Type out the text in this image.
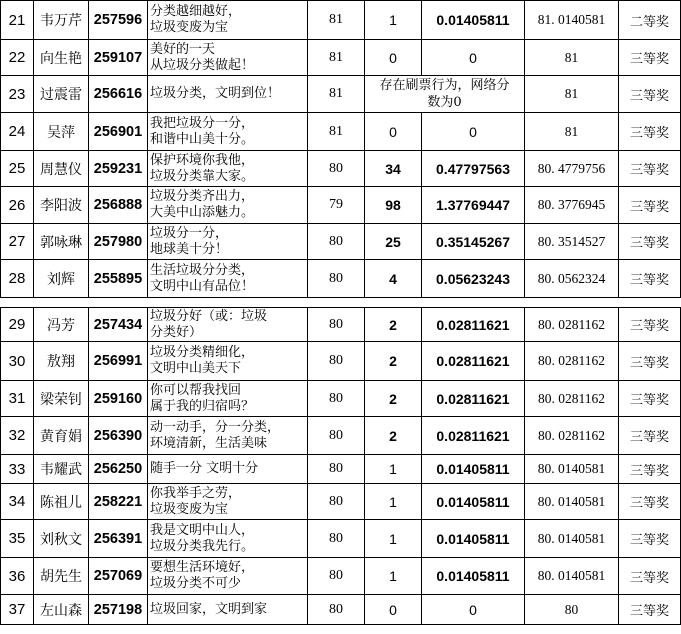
21	韦万芹	257596	分类越细越好，
垃圾变废为宝	81	1	0.01405811	81. 0140581	二等奖
22	向生艳	259107	美好的一天
从垃圾分类做起！	81	0	0	81	三等奖
23	过震雷	256616	垃圾分类，文明到位！	81	存在刷票行为，网络分
数为0		81	三等奖
24	吴萍	256901	我把垃圾分一分，
和谐中山美十分。	81	0	0	81	三等奖
25	周慧仪	259231	保护环境你我他，
垃圾分类靠大家。	80	34	0.47797563	80. 4779756	三等奖
26	李阳波	256888	垃圾分类齐出力，
大美中山添魅力。	79	98	1.37769447	80. 3776945	三等奖
27	郭咏琳	257980	垃圾分一分，
地球美十分！	80	25	0.35145267	80. 3514527	三等奖
28	刘辉	255895	生活垃圾分分类，
文明中山有品位！	80	4	0.05623243	80. 0562324	三等奖

29	冯芳	257434	垃圾分好（或：垃圾
分类好）	80	2	0.02811621	80. 0281162	三等奖
30	敖翔	256991	垃圾分类精细化，
文明中山美天下	80	2	0.02811621	80. 0281162	三等奖
31	梁荣钊	259160	你可以帮我找回
属于我的归宿吗？	80	2	0.02811621	80. 0281162	三等奖
32	黄育娟	256390	动一动手，分一分类，
环境清新，生活美味	80	2	0.02811621	80. 0281162	三等奖
33	韦耀武	256250	随手一分 文明十分	80	1	0.01405811	80. 0140581	三等奖
34	陈祖儿	258221	你我举手之劳，
垃圾变废为宝	80	1	0.01405811	80. 0140581	三等奖
35	刘秋文	256391	我是文明中山人，
垃圾分类我先行。	80	1	0.01405811	80. 0140581	三等奖
36	胡先生	257069	要想生活环境好，
垃圾分类不可少	80	1	0.01405811	80. 0140581	三等奖
37	左山森	257198	垃圾回家，文明到家	80	0	0	80	三等奖
